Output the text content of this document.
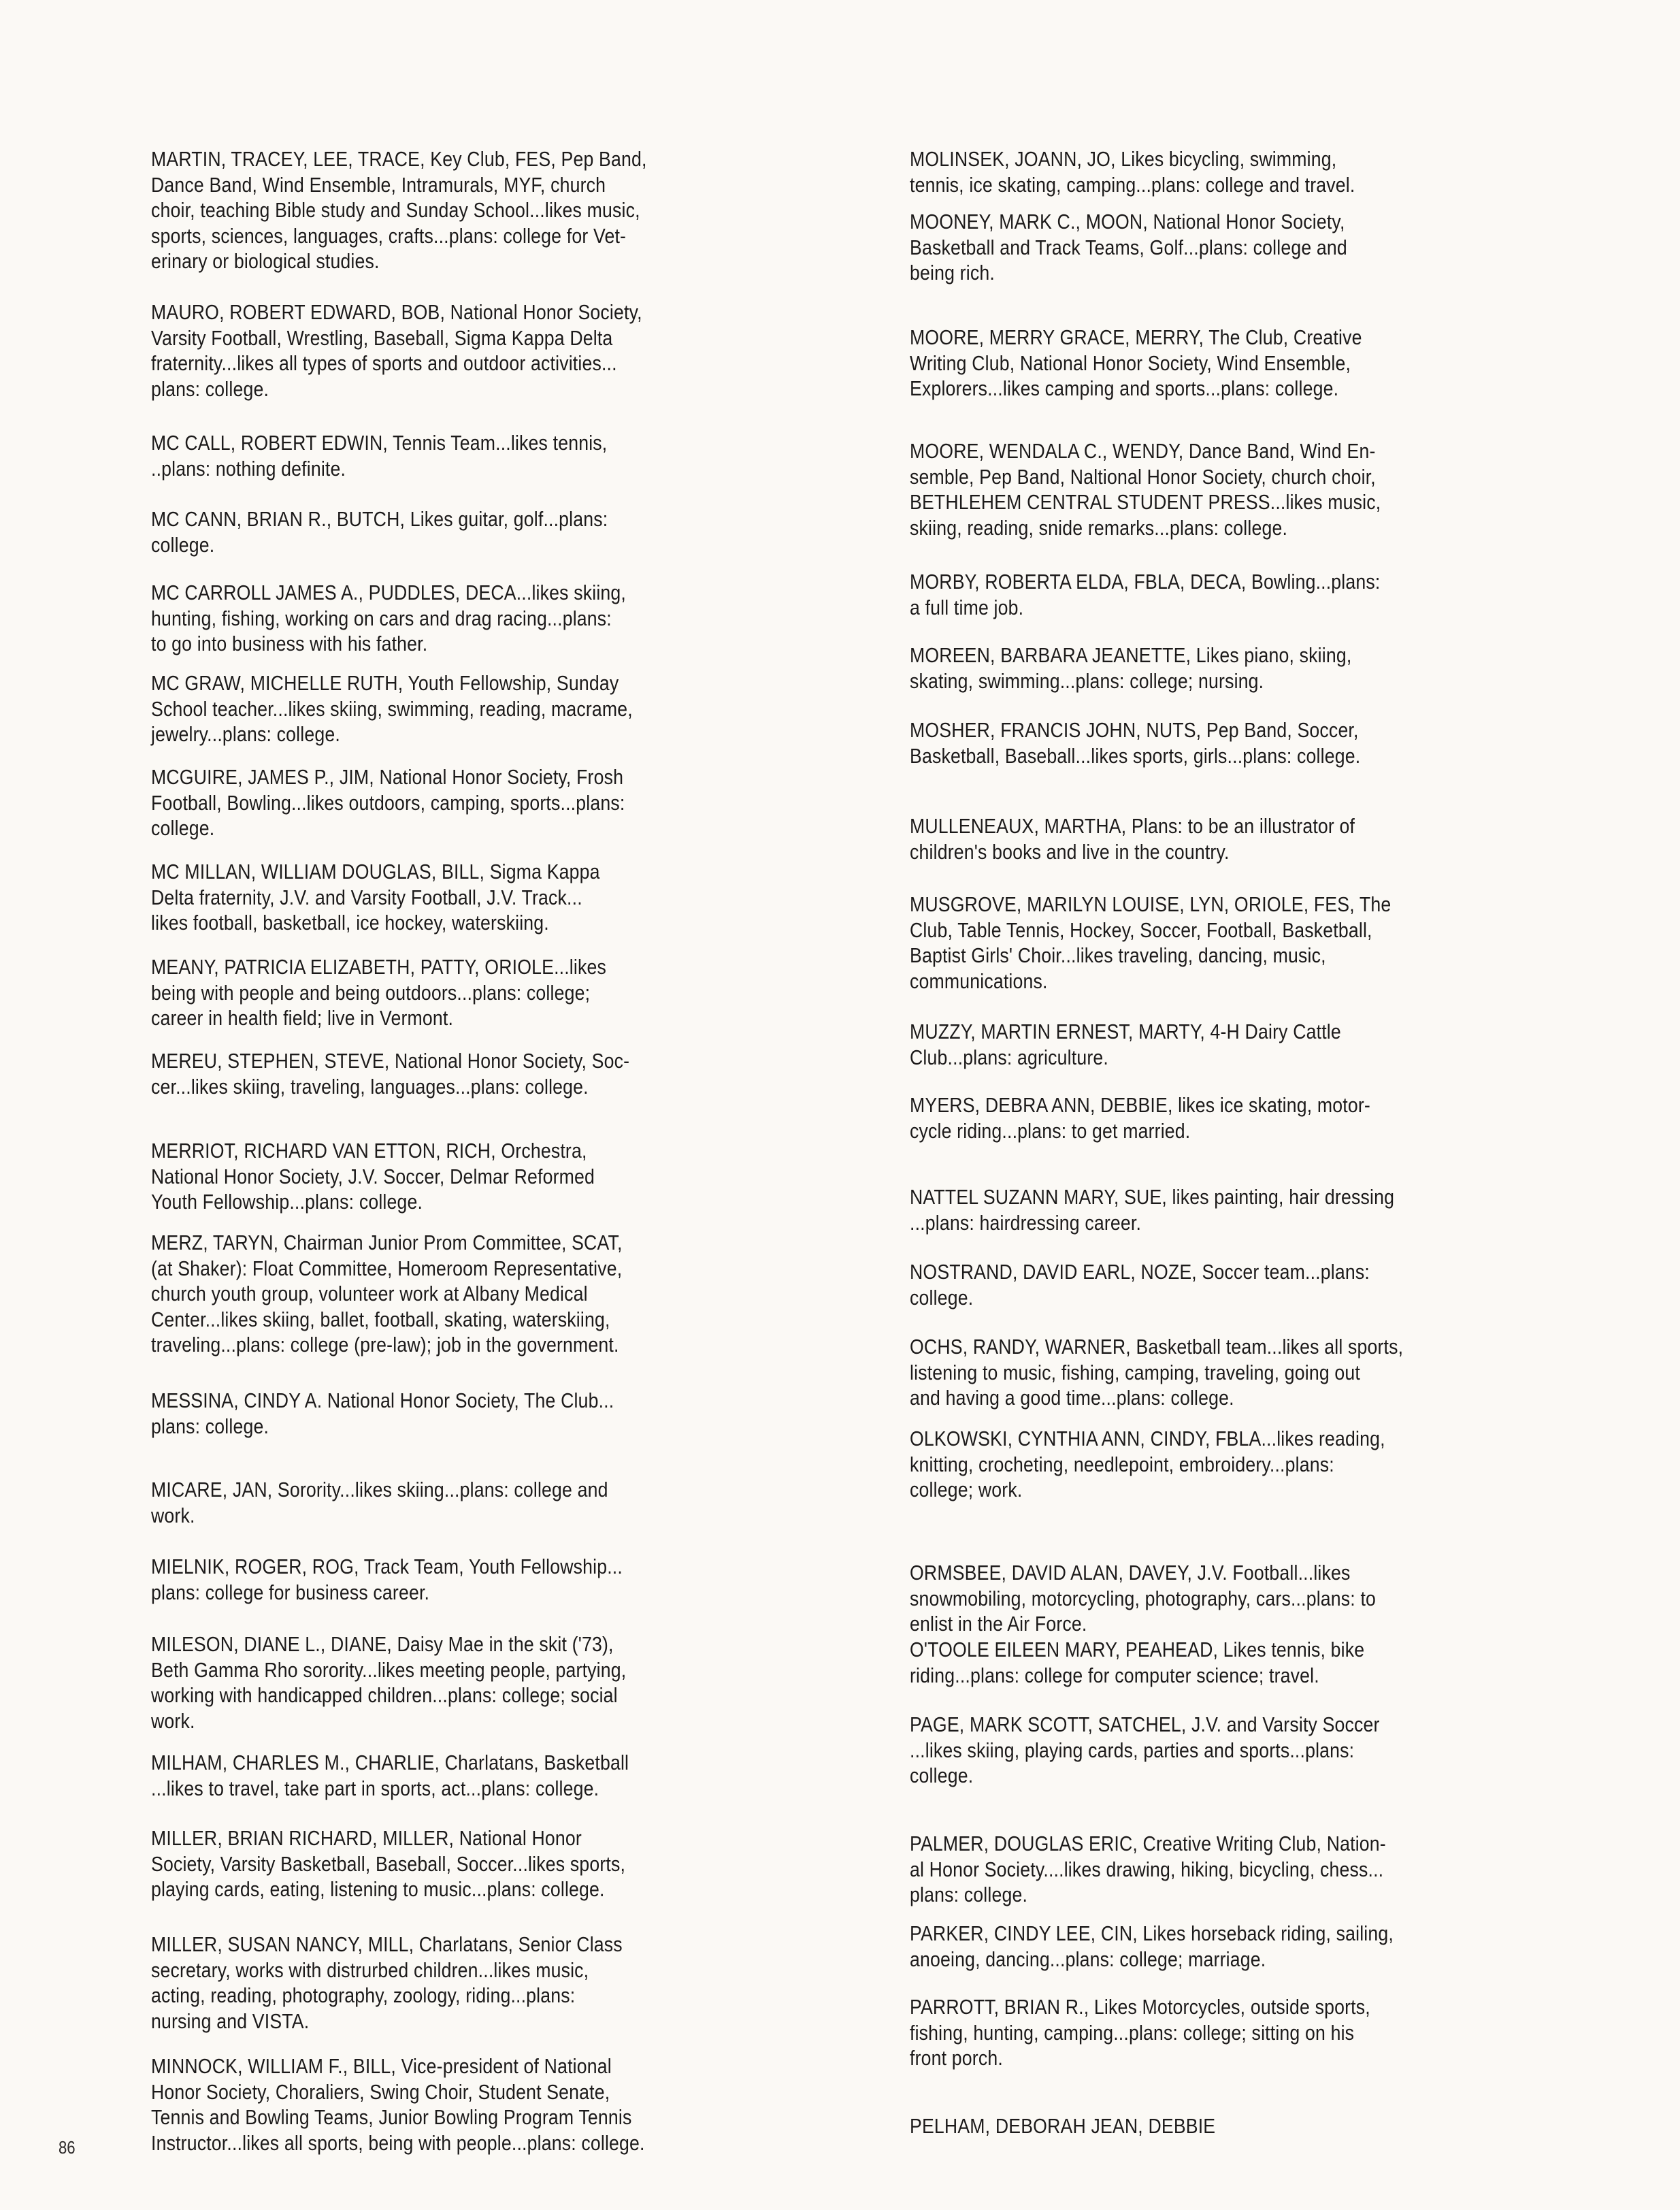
MARTIN, TRACEY, LEE, TRACE, Key Club, FES, Pep Band,
Dance Band, Wind Ensemble, Intramurals, MYF, church
choir, teaching Bible study and Sunday School...likes music,
sports, sciences, languages, crafts...plans: college for Vet-
erinary or biological studies.
MAURO, ROBERT EDWARD, BOB, National Honor Society,
Varsity Football, Wrestling, Baseball, Sigma Kappa Delta
fraternity...likes all types of sports and outdoor activities...
plans: college.
MC CALL, ROBERT EDWIN, Tennis Team...likes tennis,
..plans: nothing definite.
MC CANN, BRIAN R., BUTCH, Likes guitar, golf...plans:
college.
MC CARROLL JAMES A., PUDDLES, DECA...likes skiing,
hunting, fishing, working on cars and drag racing...plans:
to go into business with his father.
MC GRAW, MICHELLE RUTH, Youth Fellowship, Sunday
School teacher...likes skiing, swimming, reading, macrame,
jewelry...plans: college.
MCGUIRE, JAMES P., JIM, National Honor Society, Frosh
Football, Bowling...likes outdoors, camping, sports...plans:
college.
MC MILLAN, WILLIAM DOUGLAS, BILL, Sigma Kappa
Delta fraternity, J.V. and Varsity Football, J.V. Track...
likes football, basketball, ice hockey, waterskiing.
MEANY, PATRICIA ELIZABETH, PATTY, ORIOLE...likes
being with people and being outdoors...plans: college;
career in health field; live in Vermont.
MEREU, STEPHEN, STEVE, National Honor Society, Soc-
cer...likes skiing, traveling, languages...plans: college.
MERRIOT, RICHARD VAN ETTON, RICH, Orchestra,
National Honor Society, J.V. Soccer, Delmar Reformed
Youth Fellowship...plans: college.
MERZ, TARYN, Chairman Junior Prom Committee, SCAT,
(at Shaker): Float Committee, Homeroom Representative,
church youth group, volunteer work at Albany Medical
Center...likes skiing, ballet, football, skating, waterskiing,
traveling...plans: college (pre-law); job in the government.
MESSINA, CINDY A. National Honor Society, The Club...
plans: college.
MICARE, JAN, Sorority...likes skiing...plans: college and
work.
MIELNIK, ROGER, ROG, Track Team, Youth Fellowship...
plans: college for business career.
MILESON, DIANE L., DIANE, Daisy Mae in the skit ('73),
Beth Gamma Rho sorority...likes meeting people, partying,
working with handicapped children...plans: college; social
work.
MILHAM, CHARLES M., CHARLIE, Charlatans, Basketball
...likes to travel, take part in sports, act...plans: college.
MILLER, BRIAN RICHARD, MILLER, National Honor
Society, Varsity Basketball, Baseball, Soccer...likes sports,
playing cards, eating, listening to music...plans: college.
MILLER, SUSAN NANCY, MILL, Charlatans, Senior Class
secretary, works with distrurbed children...likes music,
acting, reading, photography, zoology, riding...plans:
nursing and VISTA.
MINNOCK, WILLIAM F., BILL, Vice-president of National
Honor Society, Choraliers, Swing Choir, Student Senate,
Tennis and Bowling Teams, Junior Bowling Program Tennis
Instructor...likes all sports, being with people...plans: college.
MOLINSEK, JOANN, JO, Likes bicycling, swimming,
tennis, ice skating, camping...plans: college and travel.
MOONEY, MARK C., MOON, National Honor Society,
Basketball and Track Teams, Golf...plans: college and
being rich.
MOORE, MERRY GRACE, MERRY, The Club, Creative
Writing Club, National Honor Society, Wind Ensemble,
Explorers...likes camping and sports...plans: college.
MOORE, WENDALA C., WENDY, Dance Band, Wind En-
semble, Pep Band, Naltional Honor Society, church choir,
BETHLEHEM CENTRAL STUDENT PRESS...likes music,
skiing, reading, snide remarks...plans: college.
MORBY, ROBERTA ELDA, FBLA, DECA, Bowling...plans:
a full time job.
MOREEN, BARBARA JEANETTE, Likes piano, skiing,
skating, swimming...plans: college; nursing.
MOSHER, FRANCIS JOHN, NUTS, Pep Band, Soccer,
Basketball, Baseball...likes sports, girls...plans: college.
MULLENEAUX, MARTHA, Plans: to be an illustrator of
children's books and live in the country.
MUSGROVE, MARILYN LOUISE, LYN, ORIOLE, FES, The
Club, Table Tennis, Hockey, Soccer, Football, Basketball,
Baptist Girls' Choir...likes traveling, dancing, music,
communications.
MUZZY, MARTIN ERNEST, MARTY, 4-H Dairy Cattle
Club...plans: agriculture.
MYERS, DEBRA ANN, DEBBIE, likes ice skating, motor-
cycle riding...plans: to get married.
NATTEL SUZANN MARY, SUE, likes painting, hair dressing
...plans: hairdressing career.
NOSTRAND, DAVID EARL, NOZE, Soccer team...plans:
college.
OCHS, RANDY, WARNER, Basketball team...likes all sports,
listening to music, fishing, camping, traveling, going out
and having a good time...plans: college.
OLKOWSKI, CYNTHIA ANN, CINDY, FBLA...likes reading,
knitting, crocheting, needlepoint, embroidery...plans:
college; work.
ORMSBEE, DAVID ALAN, DAVEY, J.V. Football...likes
snowmobiling, motorcycling, photography, cars...plans: to
enlist in the Air Force.
O'TOOLE EILEEN MARY, PEAHEAD, Likes tennis, bike
riding...plans: college for computer science; travel.
PAGE, MARK SCOTT, SATCHEL, J.V. and Varsity Soccer
...likes skiing, playing cards, parties and sports...plans:
college.
PALMER, DOUGLAS ERIC, Creative Writing Club, Nation-
al Honor Society....likes drawing, hiking, bicycling, chess...
plans: college.
PARKER, CINDY LEE, CIN, Likes horseback riding, sailing,
anoeing, dancing...plans: college; marriage.
PARROTT, BRIAN R., Likes Motorcycles, outside sports,
fishing, hunting, camping...plans: college; sitting on his
front porch.
PELHAM, DEBORAH JEAN, DEBBIE
86
